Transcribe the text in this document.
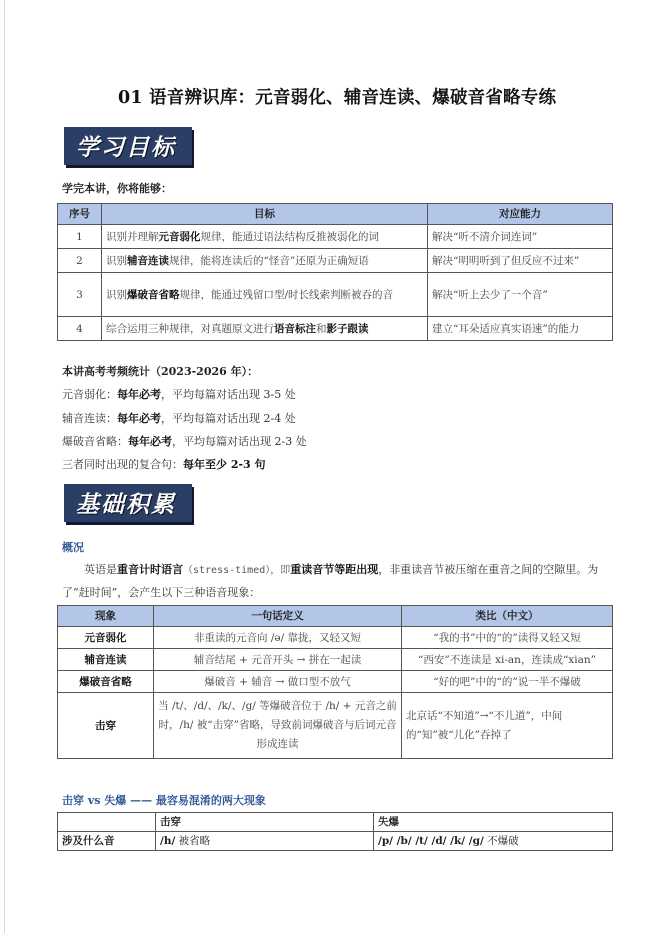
01 语音辨识库：元音弱化、辅音连读、爆破音省略专练
学习目标
学完本讲，你将能够：
序号	目标	对应能力
1	识别并理解元音弱化规律，能通过语法结构反推被弱化的词	解决“听不清介词连词”
2	识别辅音连读规律，能将连读后的“怪音”还原为正确短语	解决“明明听到了但反应不过来”
3	识别爆破音省略规律，能通过残留口型/时长线索判断被吞的音	解决“听上去少了一个音”
4	综合运用三种规律，对真题原文进行语音标注和影子跟读	建立“耳朵适应真实语速”的能力
本讲高考考频统计（2023-2026 年）：
元音弱化：每年必考，平均每篇对话出现 3-5 处
辅音连读：每年必考，平均每篇对话出现 2-4 处
爆破音省略：每年必考，平均每篇对话出现 2-3 处
三者同时出现的复合句：每年至少 2-3 句
基础积累
概况
英语是重音计时语言（stress-timed），即重读音节等距出现，非重读音节被压缩在重音之间的空隙里。为了“赶时间”，会产生以下三种语音现象：
现象	一句话定义	类比（中文）
元音弱化	非重读的元音向 /ə/ 靠拢，又轻又短	“我的书”中的“的”读得又轻又短
辅音连读	辅音结尾 + 元音开头 → 拼在一起读	“西安”不连读是 xi-an，连读成“xian”
爆破音省略	爆破音 + 辅音 → 做口型不放气	“好的吧”中的“的”说一半不爆破
击穿	当 /t/、/d/、/k/、/g/ 等爆破音位于 /h/ + 元音之前时，/h/ 被“击穿”省略，导致前词爆破音与后词元音形成连读	北京话“不知道”→“不儿道”，中间的“知”被“儿化”吞掉了
击穿 vs 失爆 —— 最容易混淆的两大现象
	击穿	失爆
涉及什么音	/h/ 被省略	/p/ /b/ /t/ /d/ /k/ /g/ 不爆破
